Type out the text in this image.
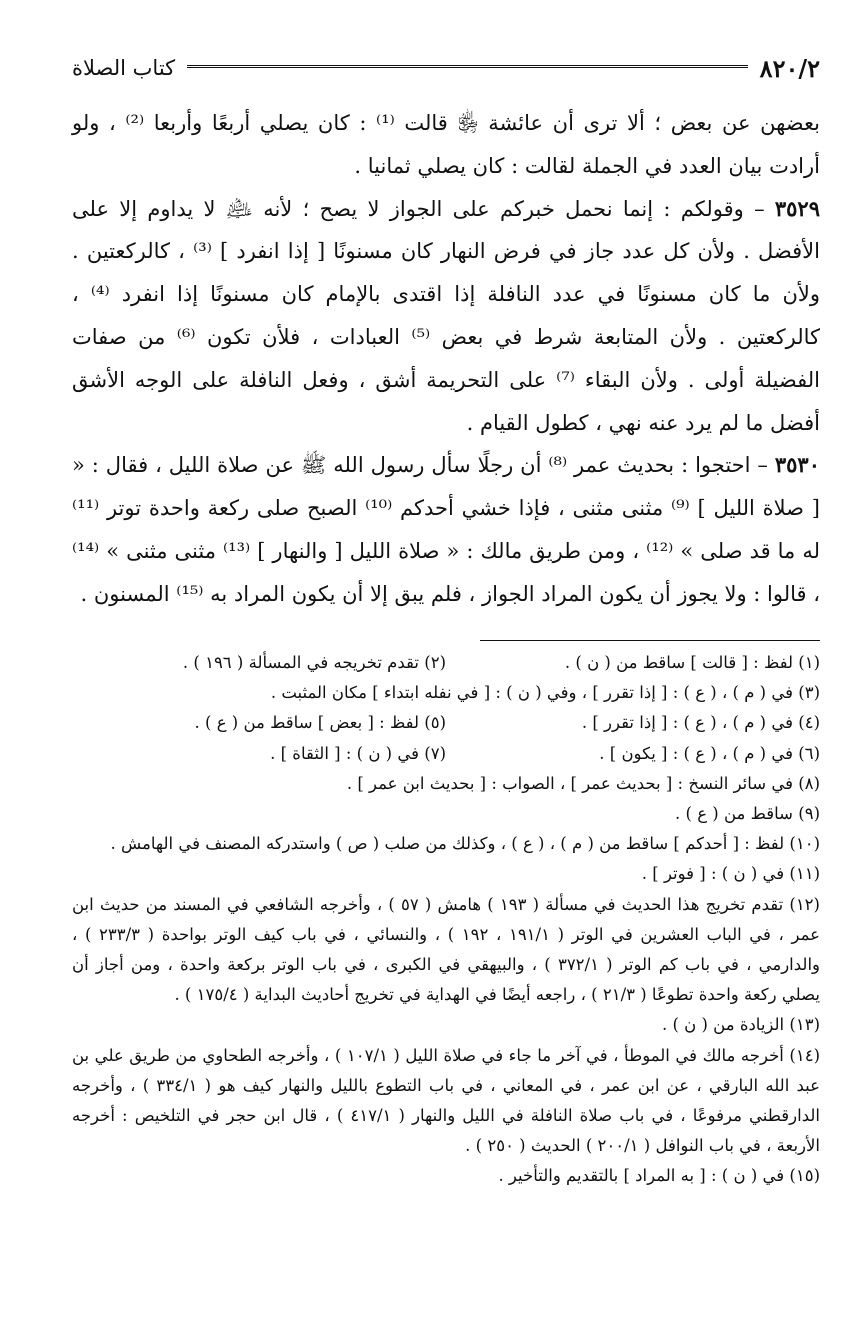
٨٢٠/٢
كتاب الصلاة

بعضهن عن بعض ؛ ألا ترى أن عائشة ﵂ قالت ⁽¹⁾ : كان يصلي أربعًا وأربعا ⁽²⁾ ، ولو أرادت بيان العدد في الجملة لقالت : كان يصلي ثمانيا .

٣٥٢٩ – وقولكم : إنما نحمل خبركم على الجواز لا يصح ؛ لأنه ﵇ لا يداوم إلا على الأفضل . ولأن كل عدد جاز في فرض النهار كان مسنونًا [ إذا انفرد ] ⁽³⁾ ، كالركعتين . ولأن ما كان مسنونًا في عدد النافلة إذا اقتدى بالإمام كان مسنونًا إذا انفرد ⁽⁴⁾ ، كالركعتين . ولأن المتابعة شرط في بعض ⁽⁵⁾ العبادات ، فلأن تكون ⁽⁶⁾ من صفات الفضيلة أولى . ولأن البقاء ⁽⁷⁾ على التحريمة أشق ، وفعل النافلة على الوجه الأشق أفضل ما لم يرد عنه نهي ، كطول القيام .

٣٥٣٠ – احتجوا : بحديث عمر ⁽⁸⁾ أن رجلًا سأل رسول الله ﷺ عن صلاة الليل ، فقال : « [ صلاة الليل ] ⁽⁹⁾ مثنى مثنى ، فإذا خشي أحدكم ⁽¹⁰⁾ الصبح صلى ركعة واحدة توتر ⁽¹¹⁾ له ما قد صلى » ⁽¹²⁾ ، ومن طريق مالك : « صلاة الليل [ والنهار ] ⁽¹³⁾ مثنى مثنى » ⁽¹⁴⁾ ، قالوا : ولا يجوز أن يكون المراد الجواز ، فلم يبق إلا أن يكون المراد به ⁽¹⁵⁾ المسنون .

(١) لفظ : [ قالت ] ساقط من ( ن ) .
(٢) تقدم تخريجه في المسألة ( ١٩٦ ) .
(٣) في ( م ) ، ( ع ) : [ إذا تقرر ] ، وفي ( ن ) : [ في نفله ابتداء ] مكان المثبت .
(٤) في ( م ) ، ( ع ) : [ إذا تقرر ] .
(٥) لفظ : [ بعض ] ساقط من ( ع ) .
(٦) في ( م ) ، ( ع ) : [ يكون ] .
(٧) في ( ن ) : [ الثقاة ] .
(٨) في سائر النسخ : [ بحديث عمر ] ، الصواب : [ بحديث ابن عمر ] .
(٩) ساقط من ( ع ) .
(١٠) لفظ : [ أحدكم ] ساقط من ( م ) ، ( ع ) ، وكذلك من صلب ( ص ) واستدركه المصنف في الهامش .
(١١) في ( ن ) : [ فوتر ] .
(١٢) تقدم تخريج هذا الحديث في مسألة ( ١٩٣ ) هامش ( ٥٧ ) ، وأخرجه الشافعي في المسند من حديث ابن عمر ، في الباب العشرين في الوتر ( ١٩١/١ ، ١٩٢ ) ، والنسائي ، في باب كيف الوتر بواحدة ( ٢٣٣/٣ ) ، والدارمي ، في باب كم الوتر ( ٣٧٢/١ ) ، والبيهقي في الكبرى ، في باب الوتر بركعة واحدة ، ومن أجاز أن يصلي ركعة واحدة تطوعًا ( ٢١/٣ ) ، راجعه أيضًا في الهداية في تخريج أحاديث البداية ( ١٧٥/٤ ) .
(١٣) الزيادة من ( ن ) .
(١٤) أخرجه مالك في الموطأ ، في آخر ما جاء في صلاة الليل ( ١٠٧/١ ) ، وأخرجه الطحاوي من طريق علي بن عبد الله البارقي ، عن ابن عمر ، في المعاني ، في باب التطوع بالليل والنهار كيف هو ( ٣٣٤/١ ) ، وأخرجه الدارقطني مرفوعًا ، في باب صلاة النافلة في الليل والنهار ( ٤١٧/١ ) ، قال ابن حجر في التلخيص : أخرجه الأربعة ، في باب النوافل ( ٢٠٠/١ ) الحديث ( ٢٥٠ ) .
(١٥) في ( ن ) : [ به المراد ] بالتقديم والتأخير .
